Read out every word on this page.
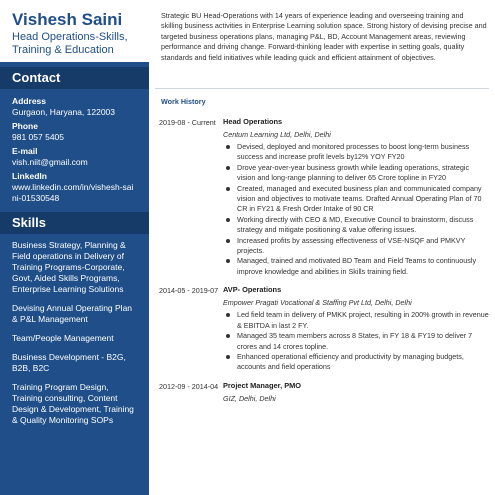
Vishesh Saini
Head Operations-Skills, Training & Education
Contact
Address
Gurgaon, Haryana, 122003
Phone
981 057 5405
E-mail
vish.niit@gmail.com
LinkedIn
www.linkedin.com/in/vishesh-saini-01530548
Skills
Business Strategy, Planning & Field operations in Delivery of Training Programs-Corporate, Govt, Aided Skills Programs, Enterprise Learning Solutions
Devising Annual Operating Plan & P&L Management
Team/People Management
Business Development - B2G, B2B, B2C
Training Program Design, Training consulting, Content Design & Development, Training & Quality Monitoring SOPs
Strategic BU Head-Operations with 14 years of experience leading and overseeing training and skilling business activities in Enterprise Learning solution space. Strong history of devising precise and targeted business operations plans, managing P&L, BD, Account Management areas, reviewing performance and driving change. Forward-thinking leader with expertise in setting goals, quality standards and field initiatives while leading quick and efficient attainment of objectives.
Work History
2019-08 - Current Head Operations
Centum Learning Ltd, Delhi, Delhi
Devised, deployed and monitored processes to boost long-term business success and increase profit levels by12% YOY FY20
Drove year-over-year business growth while leading operations, strategic vision and long-range planning to deliver 65 Crore topline in FY20
Created, managed and executed business plan and communicated company vision and objectives to motivate teams. Drafted Annual Operating Plan of 70 CR in FY21 & Fresh Order Intake of 90 CR
Working directly with CEO & MD, Executive Council to brainstorm, discuss strategy and mitigate positioning & value offering issues.
Increased profits by assessing effectiveness of VSE-NSQF and PMKVY projects.
Managed, trained and motivated BD Team and Field Teams to continuously improve knowledge and abilities in Skills training field.
2014-05 - 2019-07 AVP- Operations
Empower Pragati Vocational & Staffing Pvt Ltd, Delhi, Delhi
Led field team in delivery of PMKK project, resulting in 200% growth in revenue & EBITDA in last 2 FY.
Managed 35 team members across 8 States, in FY 18 & FY19 to deliver 7 crores and 14 crores topline.
Enhanced operational efficiency and productivity by managing budgets, accounts and field operations
2012-09 - 2014-04 Project Manager, PMO
GIZ, Delhi, Delhi
